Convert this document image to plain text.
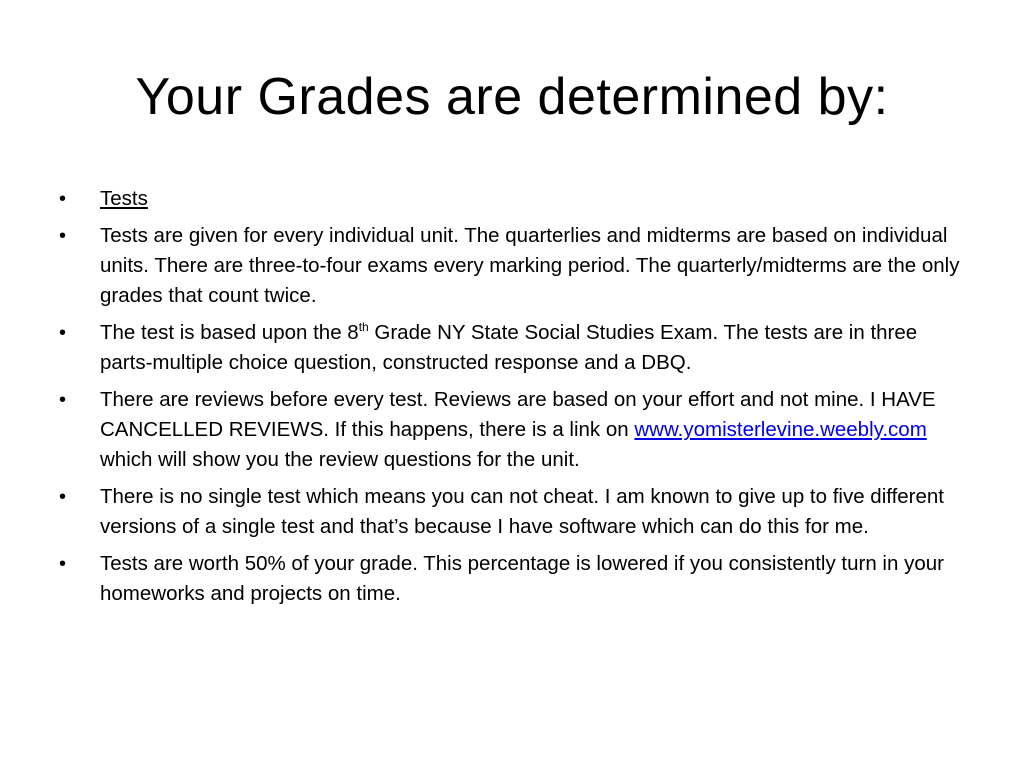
Your Grades are determined by:
• Tests
• Tests are given for every individual unit. The quarterlies and midterms are based on individual units. There are three-to-four exams every marking period. The quarterly/midterms are the only grades that count twice.
• The test is based upon the 8th Grade NY State Social Studies Exam. The tests are in three parts-multiple choice question, constructed response and a DBQ.
• There are reviews before every test. Reviews are based on your effort and not mine. I HAVE CANCELLED REVIEWS. If this happens, there is a link on www.yomisterlevine.weebly.com which will show you the review questions for the unit.
• There is no single test which means you can not cheat. I am known to give up to five different versions of a single test and that’s because I have software which can do this for me.
• Tests are worth 50% of your grade. This percentage is lowered if you consistently turn in your homeworks and projects on time.
